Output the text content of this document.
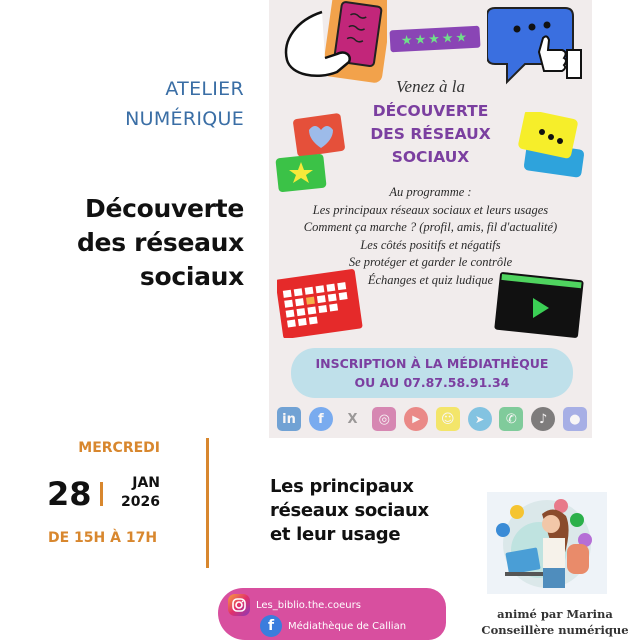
ATELIER
NUMÉRIQUE
Découverte
des réseaux
sociaux
★★★★★
Venez à la
DÉCOUVERTE
DES RÉSEAUX
SOCIAUX
Au programme :
Les principaux réseaux sociaux et leurs usages
Comment ça marche ? (profil, amis, fil d'actualité)
Les côtés positifs et négatifs
Se protéger et garder le contrôle
Échanges et quiz ludique
INSCRIPTION À LA MÉDIATHÈQUE
OU AU 07.87.58.91.34
in	f	X	◎	▶	☺	➤	✆	♪	●
MERCREDI
28	JAN
2026
DE 15H À 17H
Les principaux
réseaux sociaux
et leur usage
Les_biblio.the.coeurs
f	Médiathèque de Callian
animé par Marina
Conseillère numérique
